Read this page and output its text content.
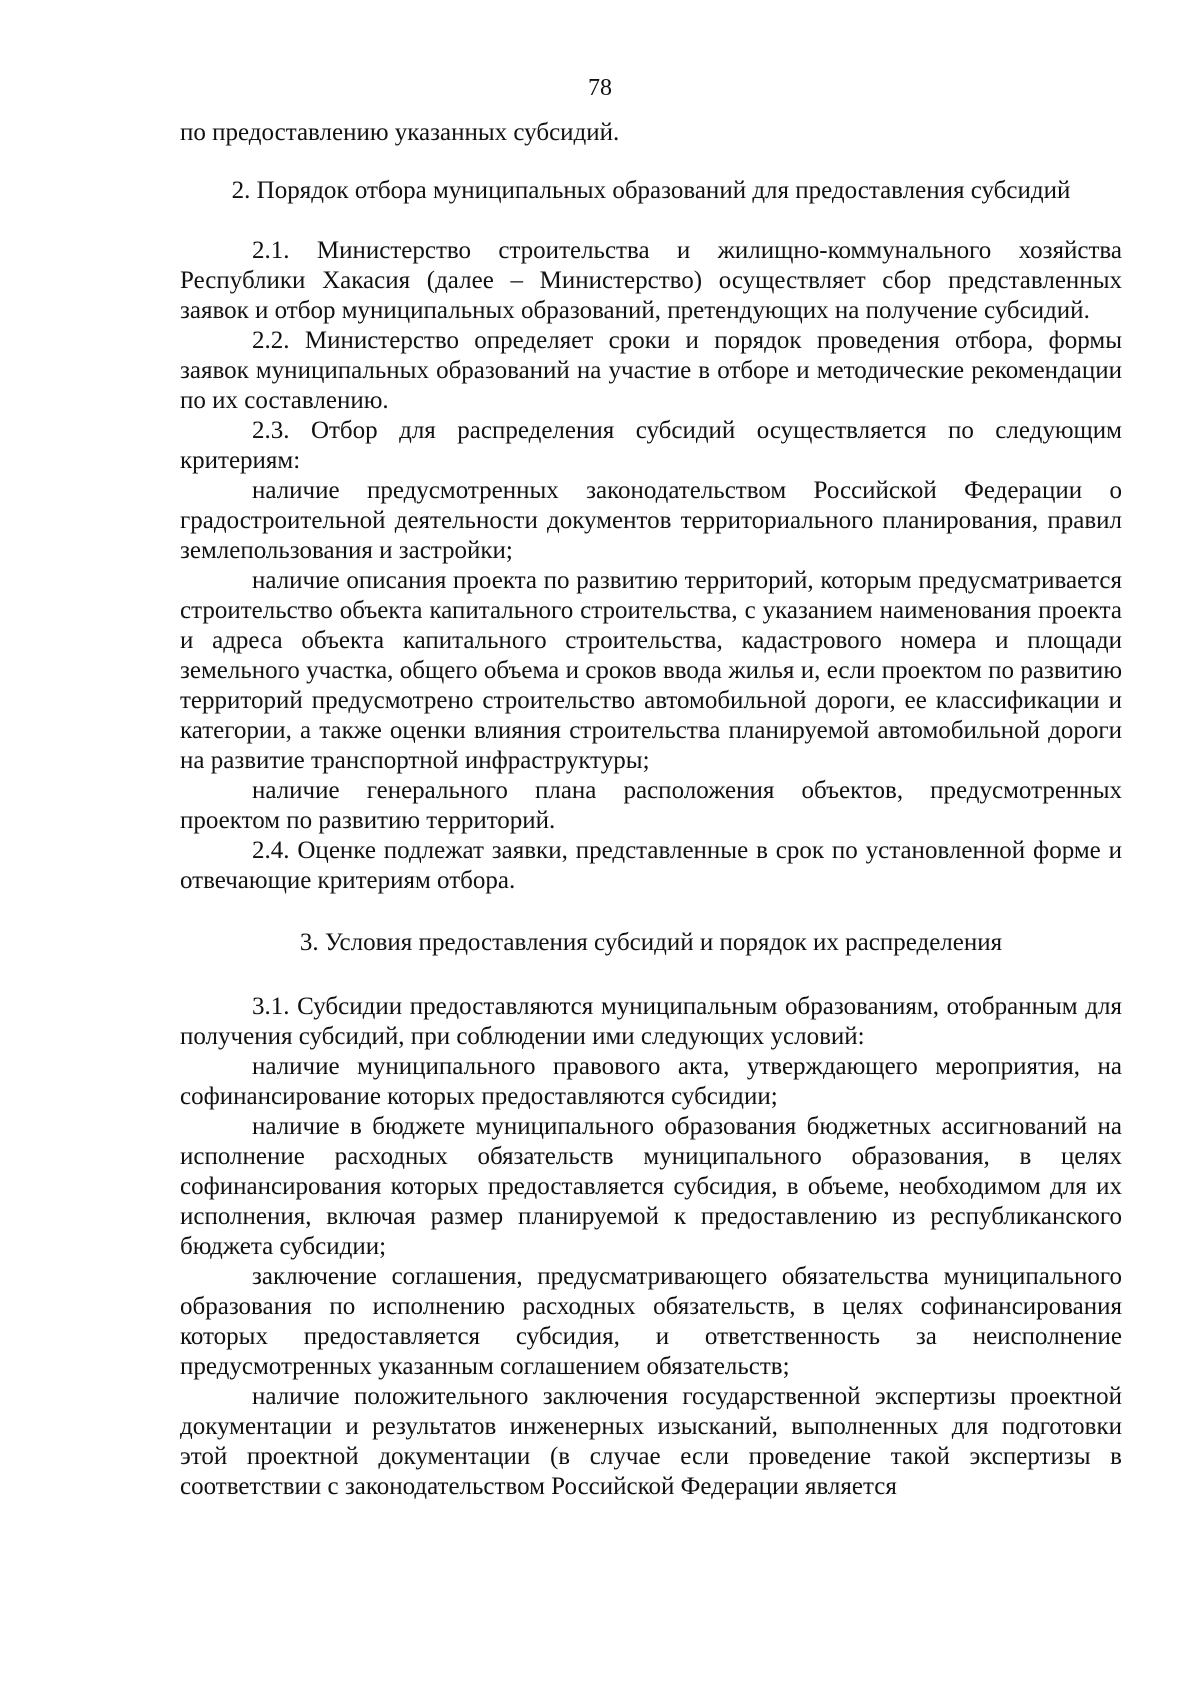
78

по предоставлению указанных субсидий.

2. Порядок отбора муниципальных образований для предоставления субсидий

2.1. Министерство строительства и жилищно-коммунального хозяйства Республики Хакасия (далее – Министерство) осуществляет сбор представленных заявок и отбор муниципальных образований, претендующих на получение субсидий.

2.2. Министерство определяет сроки и порядок проведения отбора, формы заявок муниципальных образований на участие в отборе и методические рекомендации по их составлению.

2.3. Отбор для распределения субсидий осуществляется по следующим критериям:

наличие предусмотренных законодательством Российской Федерации о градостроительной деятельности документов территориального планирования, правил землепользования и застройки;

наличие описания проекта по развитию территорий, которым предусматривается строительство объекта капитального строительства, с указанием наименования проекта и адреса объекта капитального строительства, кадастрового номера и площади земельного участка, общего объема и сроков ввода жилья и, если проектом по развитию территорий предусмотрено строительство автомобильной дороги, ее классификации и категории, а также оценки влияния строительства планируемой автомобильной дороги на развитие транспортной инфраструктуры;

наличие генерального плана расположения объектов, предусмотренных проектом по развитию территорий.

2.4. Оценке подлежат заявки, представленные в срок по установленной форме и отвечающие критериям отбора.

3. Условия предоставления субсидий и порядок их распределения

3.1. Субсидии предоставляются муниципальным образованиям, отобранным для получения субсидий, при соблюдении ими следующих условий:

наличие муниципального правового акта, утверждающего мероприятия, на софинансирование которых предоставляются субсидии;

наличие в бюджете муниципального образования бюджетных ассигнований на исполнение расходных обязательств муниципального образования, в целях софинансирования которых предоставляется субсидия, в объеме, необходимом для их исполнения, включая размер планируемой к предоставлению из республиканского бюджета субсидии;

заключение соглашения, предусматривающего обязательства муниципального образования по исполнению расходных обязательств, в целях софинансирования которых предоставляется субсидия, и ответственность за неисполнение предусмотренных указанным соглашением обязательств;

наличие положительного заключения государственной экспертизы проектной документации и результатов инженерных изысканий, выполненных для подготовки этой проектной документации (в случае если проведение такой экспертизы в соответствии с законодательством Российской Федерации является
